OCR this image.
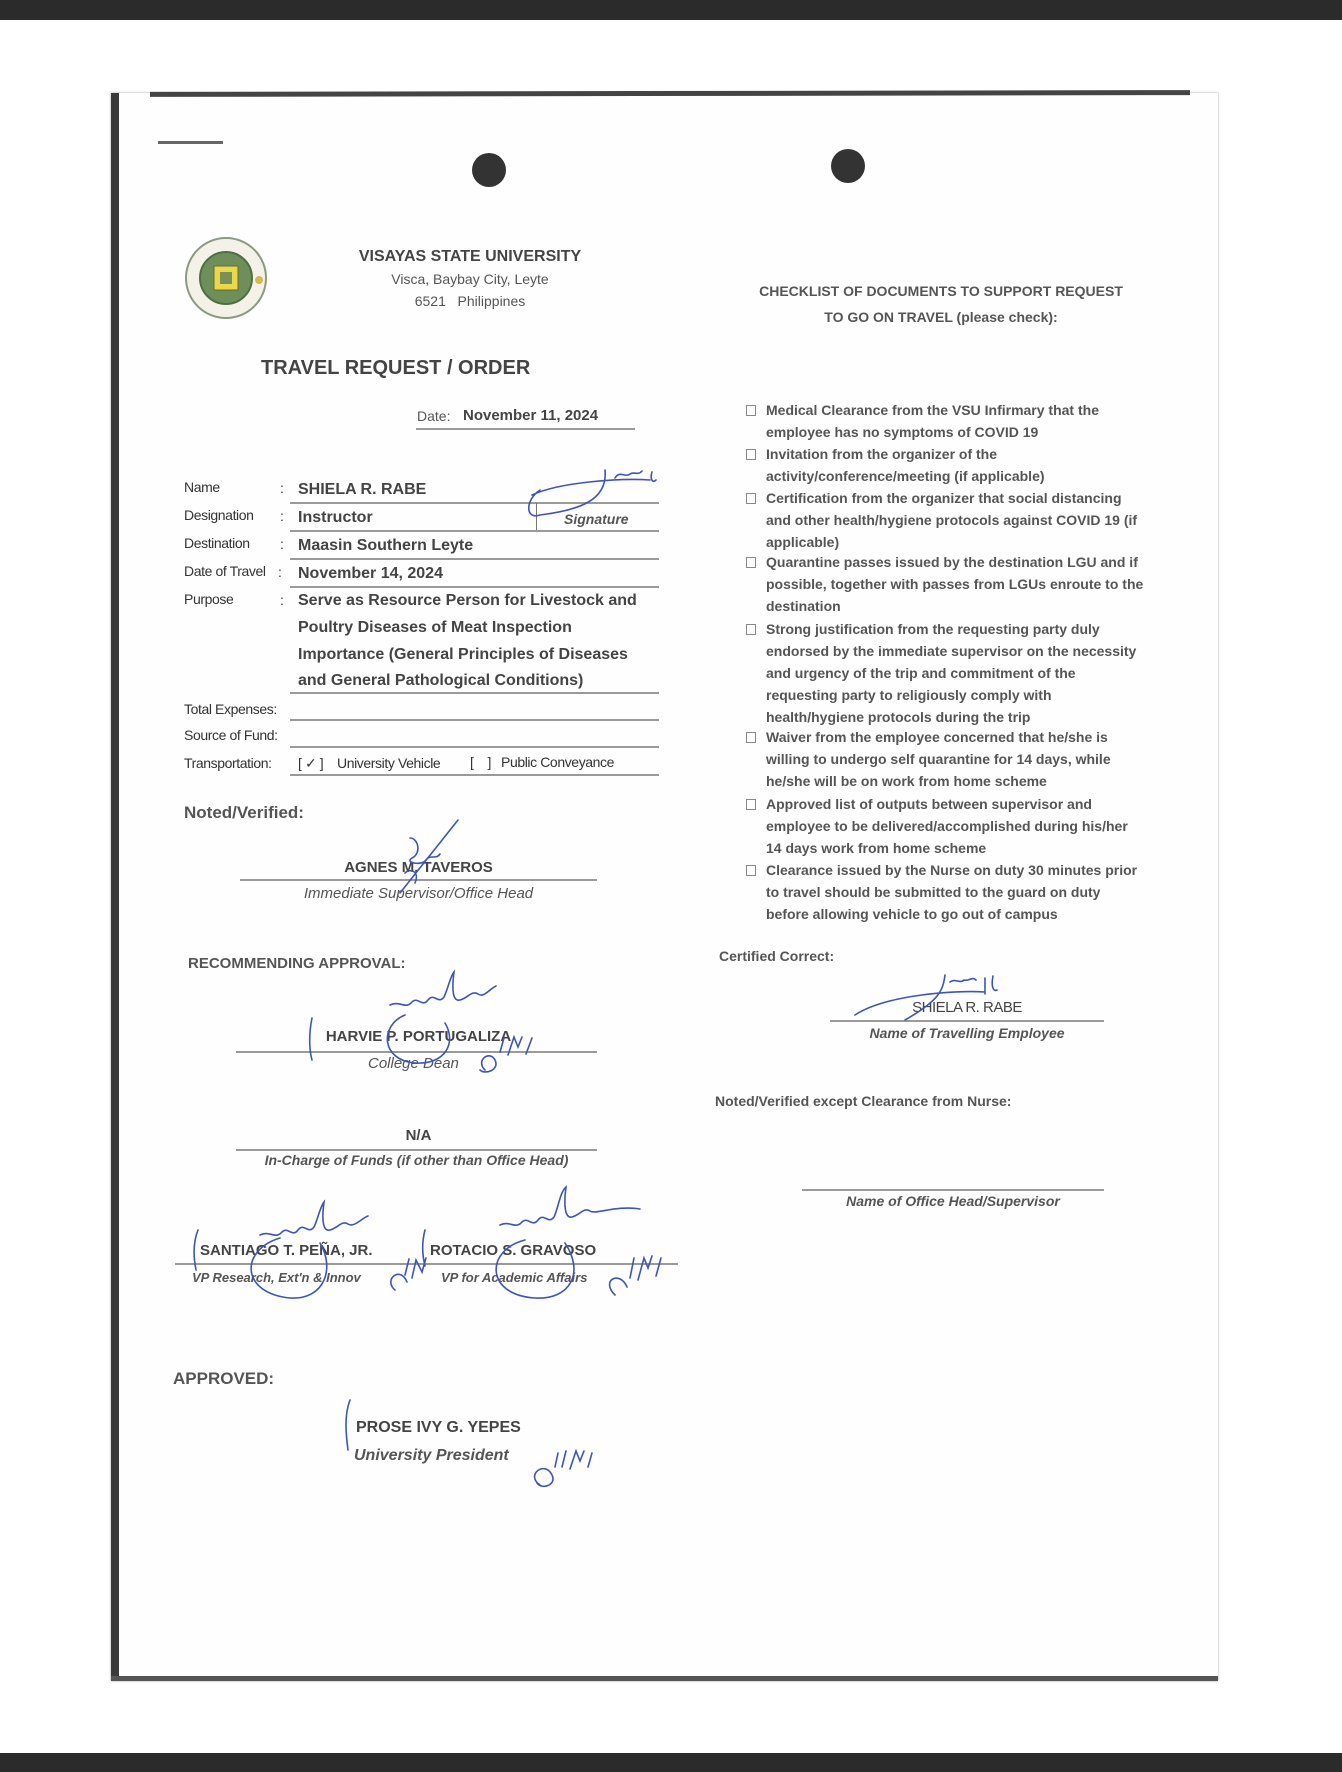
VISAYAS STATE UNIVERSITY
Visca, Baybay City, Leyte
6521   Philippines
TRAVEL REQUEST / ORDER
Date: November 11, 2024
Name	: SHIELA R. RABE
Designation : Instructor	Signature
Destination : Maasin Southern Leyte
Date of Travel : November 14, 2024
Purpose	: Serve as Resource Person for Livestock and
Poultry Diseases of Meat Inspection
Importance (General Principles of Diseases
and General Pathological Conditions)
Total Expenses:
Source of Fund:
Transportation: [ ✓ ] University Vehicle [    ] Public Conveyance
Noted/Verified:
AGNES M. TAVEROS
Immediate Supervisor/Office Head
RECOMMENDING APPROVAL:
HARVIE P. PORTUGALIZA
College Dean
N/A
In-Charge of Funds (if other than Office Head)
SANTIAGO T. PEÑA, JR.
VP Research, Ext'n & Innov
ROTACIO S. GRAVOSO
VP for Academic Affairs
APPROVED:
PROSE IVY G. YEPES
University President
CHECKLIST OF DOCUMENTS TO SUPPORT REQUEST
TO GO ON TRAVEL (please check):
Medical Clearance from the VSU Infirmary that the employee has no symptoms of COVID 19
Invitation from the organizer of the activity/conference/meeting (if applicable)
Certification from the organizer that social distancing and other health/hygiene protocols against COVID 19 (if applicable)
Quarantine passes issued by the destination LGU and if possible, together with passes from LGUs enroute to the destination
Strong justification from the requesting party duly endorsed by the immediate supervisor on the necessity and urgency of the trip and commitment of the requesting party to religiously comply with health/hygiene protocols during the trip
Waiver from the employee concerned that he/she is willing to undergo self quarantine for 14 days, while he/she will be on work from home scheme
Approved list of outputs between supervisor and employee to be delivered/accomplished during his/her 14 days work from home scheme
Clearance issued by the Nurse on duty 30 minutes prior to travel should be submitted to the guard on duty before allowing vehicle to go out of campus
Certified Correct:
SHIELA R. RABE
Name of Travelling Employee
Noted/Verified except Clearance from Nurse:
Name of Office Head/Supervisor
